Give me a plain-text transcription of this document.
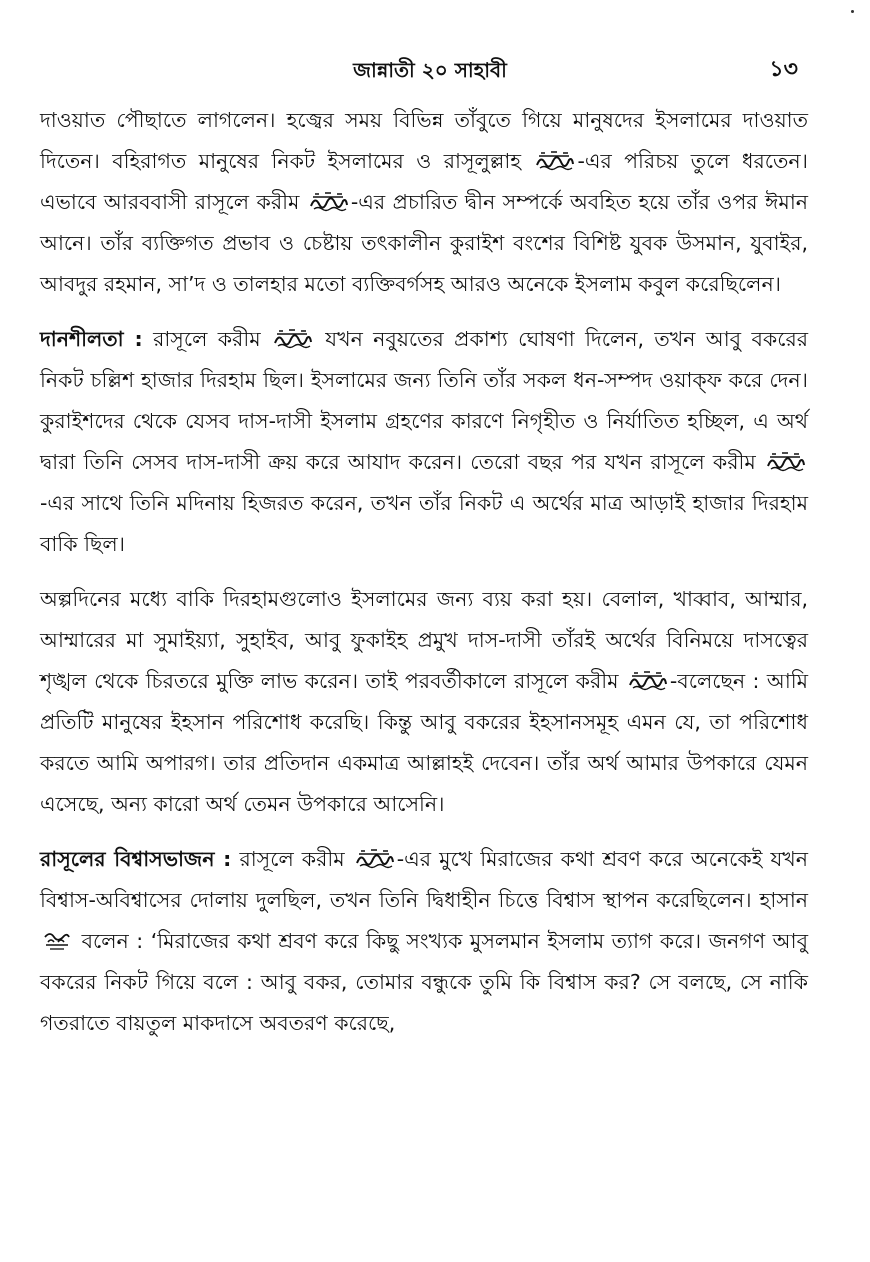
জান্নাতী ২০ সাহাবী	১৩

দাওয়াত পৌছাতে লাগলেন। হজ্বের সময় বিভিন্ন তাঁবুতে গিয়ে মানুষদের ইসলামের দাওয়াত দিতেন। বহিরাগত মানুষের নিকট ইসলামের ও রাসূলুল্লাহ
-এর পরিচয় তুলে ধরতেন। এভাবে আরববাসী রাসূলে করীম
-এর প্রচারিত দ্বীন সম্পর্কে অবহিত হয়ে তাঁর ওপর ঈমান আনে। তাঁর ব্যক্তিগত প্রভাব ও চেষ্টায় তৎকালীন কুরাইশ বংশের বিশিষ্ট যুবক উসমান, যুবাইর, আবদুর রহমান, সা’দ ও তালহার মতো ব্যক্তিবর্গসহ আরও অনেকে ইসলাম কবুল করেছিলেন।

দানশীলতা : রাসূলে করীম
যখন নবুয়তের প্রকাশ্য ঘোষণা দিলেন, তখন আবু বকরের নিকট চল্লিশ হাজার দিরহাম ছিল। ইসলামের জন্য তিনি তাঁর সকল ধন-সম্পদ ওয়াক্‌ফ করে দেন। কুরাইশদের থেকে যেসব দাস-দাসী ইসলাম গ্রহণের কারণে নিগৃহীত ও নির্যাতিত হচ্ছিল, এ অর্থ দ্বারা তিনি সেসব দাস-দাসী ক্রয় করে আযাদ করেন। তেরো বছর পর যখন রাসূলে করীম
-এর সাথে তিনি মদিনায় হিজরত করেন, তখন তাঁর নিকট এ অর্থের মাত্র আড়াই হাজার দিরহাম বাকি ছিল।

অল্পদিনের মধ্যে বাকি দিরহামগুলোও ইসলামের জন্য ব্যয় করা হয়। বেলাল, খাব্বাব, আম্মার, আম্মারের মা সুমাইয়্যা, সুহাইব, আবু ফুকাইহ প্রমুখ দাস-দাসী তাঁরই অর্থের বিনিময়ে দাসত্বের শৃঙ্খল থেকে চিরতরে মুক্তি লাভ করেন। তাই পরবর্তীকালে রাসূলে করীম
-বলেছেন : আমি প্রতিটি মানুষের ইহসান পরিশোধ করেছি। কিন্তু আবু বকরের ইহসানসমূহ এমন যে, তা পরিশোধ করতে আমি অপারগ। তার প্রতিদান একমাত্র আল্লাহই দেবেন। তাঁর অর্থ আমার উপকারে যেমন এসেছে, অন্য কারো অর্থ তেমন উপকারে আসেনি।

রাসূলের বিশ্বাসভাজন : রাসূলে করীম
-এর মুখে মিরাজের কথা শ্রবণ করে অনেকেই যখন বিশ্বাস-অবিশ্বাসের দোলায় দুলছিল, তখন তিনি দ্বিধাহীন চিত্তে বিশ্বাস স্থাপন করেছিলেন। হাসান
বলেন : ‘মিরাজের কথা শ্রবণ করে কিছু সংখ্যক মুসলমান ইসলাম ত্যাগ করে। জনগণ আবু বকরের নিকট গিয়ে বলে : আবু বকর, তোমার বন্ধুকে তুমি কি বিশ্বাস কর? সে বলছে, সে নাকি গতরাতে বায়তুল মাকদাসে অবতরণ করেছে,
